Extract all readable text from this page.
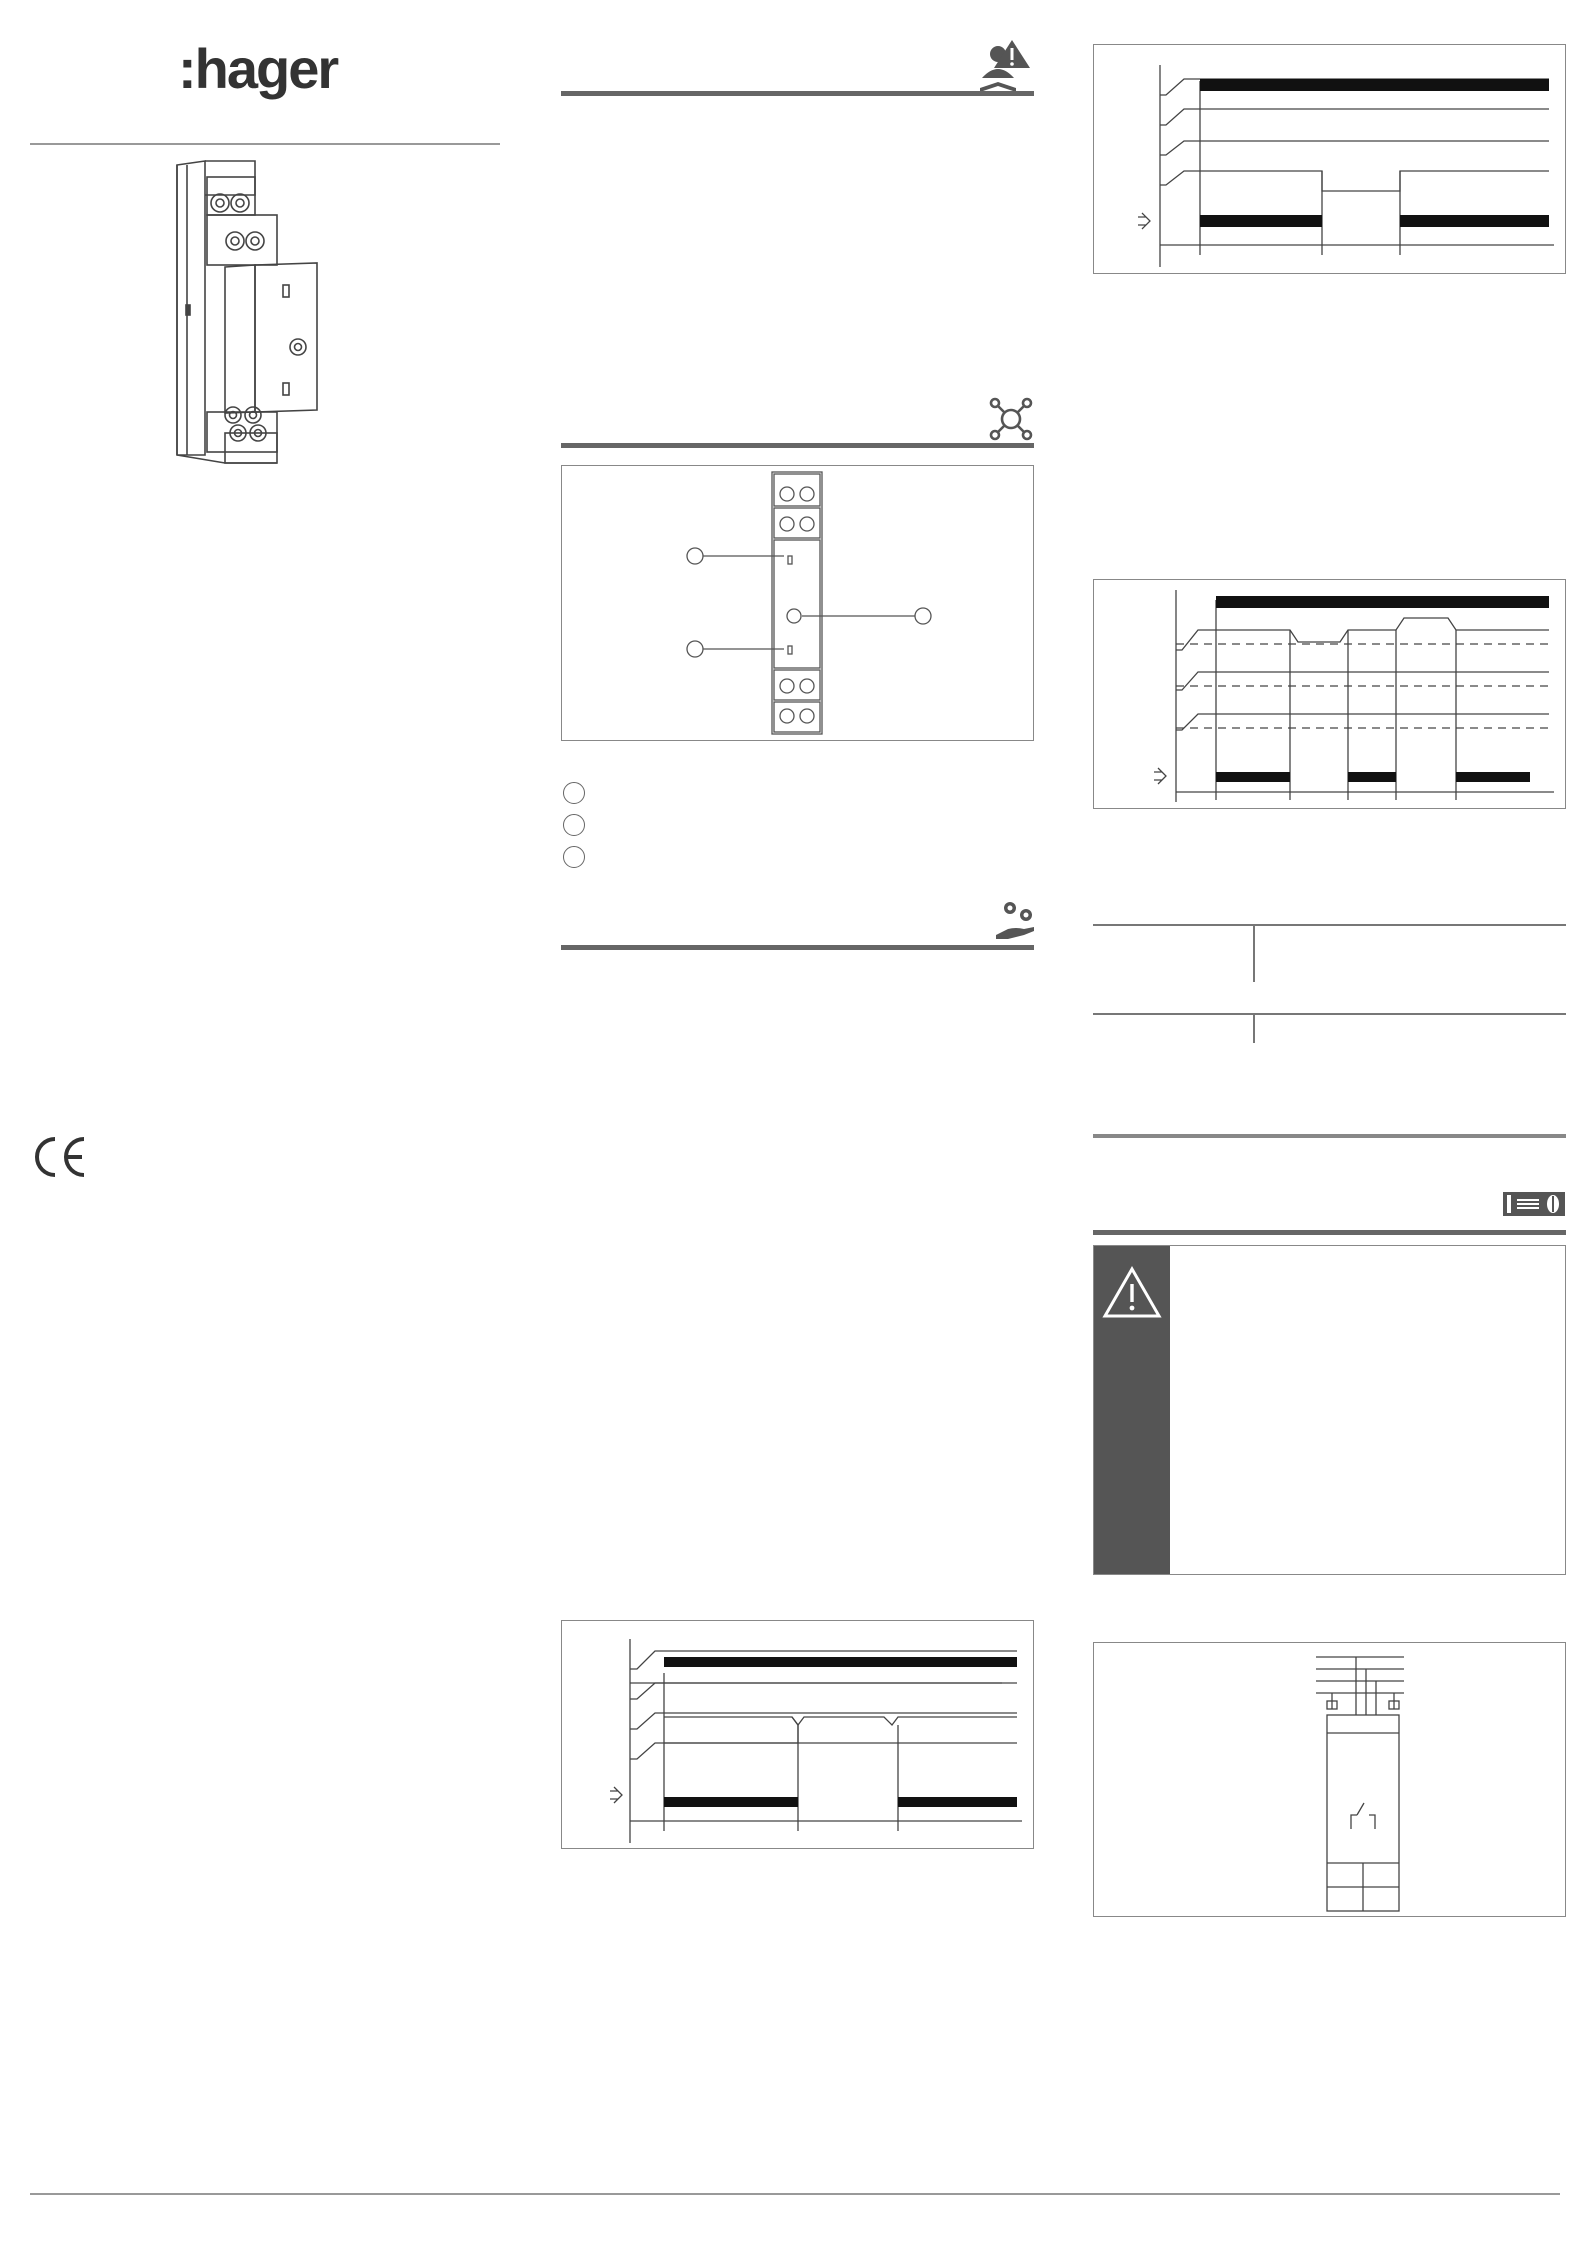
:hager
